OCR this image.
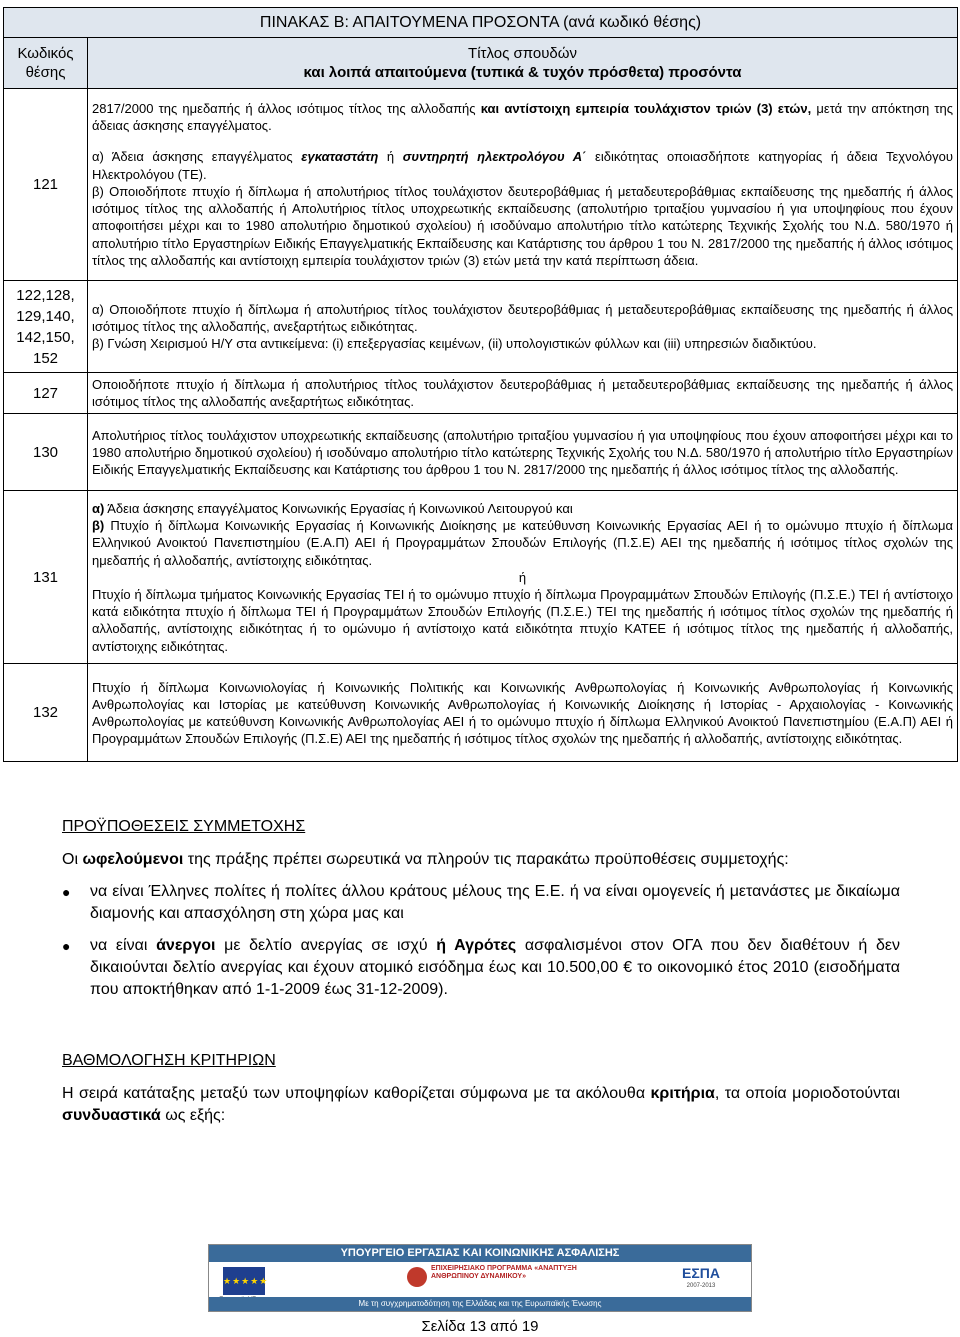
ΠΙΝΑΚΑΣ Β: ΑΠΑΙΤΟΥΜΕΝΑ ΠΡΟΣΟΝΤΑ (ανά κωδικό θέσης)	
Κωδικός θέσης	Τίτλος σπουδών
και λοιπά απαιτούμενα (τυπικά & τυχόν πρόσθετα) προσόντα

121	2817/2000 της ημεδαπής ή άλλος ισότιμος τίτλος της αλλοδαπής και αντίστοιχη εμπειρία τουλάχιστον τριών (3) ετών, μετά την απόκτηση της άδειας άσκησης επαγγέλματος.

α) Άδεια άσκησης επαγγέλματος εγκαταστάτη ή συντηρητή ηλεκτρολόγου Α΄ ειδικότητας οποιασδήποτε κατηγορίας ή άδεια Τεχνολόγου Ηλεκτρολόγου (ΤΕ).

β) Οποιοδήποτε πτυχίο ή δίπλωμα ή απολυτήριος τίτλος τουλάχιστον δευτεροβάθμιας ή μεταδευτεροβάθμιας εκπαίδευσης της ημεδαπής ή άλλος ισότιμος τίτλος της αλλοδαπής ή Απολυτήριος τίτλος υποχρεωτικής εκπαίδευσης (απολυτήριο τριταξίου γυμνασίου ή για υποψηφίους που έχουν αποφοιτήσει μέχρι και το 1980 απολυτήριο δημοτικού σχολείου) ή ισοδύναμο απολυτήριο τίτλο κατώτερης Τεχνικής Σχολής του Ν.Δ. 580/1970 ή απολυτήριο τίτλο Εργαστηρίων Ειδικής Επαγγελματικής Εκπαίδευσης και Κατάρτισης του άρθρου 1 του Ν. 2817/2000 της ημεδαπής ή άλλος ισότιμος τίτλος της αλλοδαπής και αντίστοιχη εμπειρία τουλάχιστον τριών (3) ετών μετά την κατά περίπτωση άδεια.

122,128, 129,140, 142,150, 152	α) Οποιοδήποτε πτυχίο ή δίπλωμα ή απολυτήριος τίτλος τουλάχιστον δευτεροβάθμιας ή μεταδευτεροβάθμιας εκπαίδευσης της ημεδαπής ή άλλος ισότιμος τίτλος της αλλοδαπής, ανεξαρτήτως ειδικότητας.

β) Γνώση Χειρισμού Η/Υ στα αντικείμενα: (i) επεξεργασίας κειμένων, (ii) υπολογιστικών φύλλων και (iii) υπηρεσιών διαδικτύου.

127	Οποιοδήποτε πτυχίο ή δίπλωμα ή απολυτήριος τίτλος τουλάχιστον δευτεροβάθμιας ή μεταδευτεροβάθμιας εκπαίδευσης της ημεδαπής ή άλλος ισότιμος τίτλος της αλλοδαπής ανεξαρτήτως ειδικότητας.
130	Απολυτήριος τίτλος τουλάχιστον υποχρεωτικής εκπαίδευσης (απολυτήριο τριταξίου γυμνασίου ή για υποψηφίους που έχουν αποφοιτήσει μέχρι και το 1980 απολυτήριο δημοτικού σχολείου) ή ισοδύναμο απολυτήριο τίτλο κατώτερης Τεχνικής Σχολής του Ν.Δ. 580/1970 ή απολυτήριο τίτλο Εργαστηρίων Ειδικής Επαγγελματικής Εκπαίδευσης και Κατάρτισης του άρθρου 1 του Ν. 2817/2000 της ημεδαπής ή άλλος ισότιμος τίτλος της αλλοδαπής.
131	α) Άδεια άσκησης επαγγέλματος Κοινωνικής Εργασίας ή Κοινωνικού Λειτουργού και

β) Πτυχίο ή δίπλωμα Κοινωνικής Εργασίας ή Κοινωνικής Διοίκησης με κατεύθυνση Κοινωνικής Εργασίας ΑΕΙ ή το ομώνυμο πτυχίο ή δίπλωμα Ελληνικού Ανοικτού Πανεπιστημίου (Ε.Α.Π) ΑΕΙ ή Προγραμμάτων Σπουδών Επιλογής (Π.Σ.Ε) ΑΕΙ της ημεδαπής ή ισότιμος τίτλος σχολών της ημεδαπής ή αλλοδαπής, αντίστοιχης ειδικότητας.

ή

Πτυχίο ή δίπλωμα τμήματος Κοινωνικής Εργασίας ΤΕΙ ή το ομώνυμο πτυχίο ή δίπλωμα Προγραμμάτων Σπουδών Επιλογής (Π.Σ.Ε.) ΤΕΙ ή αντίστοιχο κατά ειδικότητα πτυχίο ή δίπλωμα ΤΕΙ ή Προγραμμάτων Σπουδών Επιλογής (Π.Σ.Ε.) ΤΕΙ της ημεδαπής ή ισότιμος τίτλος σχολών της ημεδαπής ή αλλοδαπής, αντίστοιχης ειδικότητας ή το ομώνυμο ή αντίστοιχο κατά ειδικότητα πτυχίο ΚΑΤΕΕ ή ισότιμος τίτλος της ημεδαπής ή αλλοδαπής, αντίστοιχης ειδικότητας.

132	Πτυχίο ή δίπλωμα Κοινωνιολογίας ή Κοινωνικής Πολιτικής και Κοινωνικής Ανθρωπολογίας ή Κοινωνικής Ανθρωπολογίας ή Κοινωνικής Ανθρωπολογίας και Ιστορίας με κατεύθυνση Κοινωνικής Ανθρωπολογίας ή Κοινωνικής Διοίκησης ή Ιστορίας - Αρχαιολογίας - Κοινωνικής Ανθρωπολογίας με κατεύθυνση Κοινωνικής Ανθρωπολογίας ΑΕΙ ή το ομώνυμο πτυχίο ή δίπλωμα Ελληνικού Ανοικτού Πανεπιστημίου (Ε.Α.Π) ΑΕΙ ή Προγραμμάτων Σπουδών Επιλογής (Π.Σ.Ε) ΑΕΙ της ημεδαπής ή ισότιμος τίτλος σχολών της ημεδαπής ή αλλοδαπής, αντίστοιχης ειδικότητας.
ΠΡΟΫΠΟΘΕΣΕΙΣ ΣΥΜΜΕΤΟΧΗΣ

Οι ωφελούμενοι της πράξης πρέπει σωρευτικά να πληρούν τις παρακάτω προϋποθέσεις συμμετοχής:

● να είναι Έλληνες πολίτες ή πολίτες άλλου κράτους μέλους της Ε.Ε. ή να είναι ομογενείς ή μετανάστες με δικαίωμα διαμονής και απασχόληση στη χώρα μας και
● να είναι άνεργοι με δελτίο ανεργίας σε ισχύ ή Αγρότες ασφαλισμένοι στον ΟΓΑ που δεν διαθέτουν ή δεν δικαιούνται δελτίο ανεργίας και έχουν ατομικό εισόδημα έως και 10.500,00 € το οικονομικό έτος 2010 (εισοδήματα που αποκτήθηκαν από 1-1-2009 έως 31-12-2009).
ΒΑΘΜΟΛΟΓΗΣΗ ΚΡΙΤΗΡΙΩΝ

Η σειρά κατάταξης μεταξύ των υποψηφίων καθορίζεται σύμφωνα με τα ακόλουθα κριτήρια, τα οποία μοριοδοτούνται συνδυαστικά ως εξής:

ΥΠΟΥΡΓΕΙΟ ΕΡΓΑΣΙΑΣ ΚΑΙ ΚΟΙΝΩΝΙΚΗΣ ΑΣΦΑΛΙΣΗΣ
★★★★★
ΕΠΙΧΕΙΡΗΣΙΑΚΟ ΠΡΟΓΡΑΜΜΑ «ΑΝΑΠΤΥΞΗ ΑΝΘΡΩΠΙΝΟΥ ΔΥΝΑΜΙΚΟΥ»	ΕΣΠΑ
2007-2013
Με τη συγχρηματοδότηση της Ελλάδας και της Ευρωπαϊκής Ένωσης
Σελίδα 13 από 19
